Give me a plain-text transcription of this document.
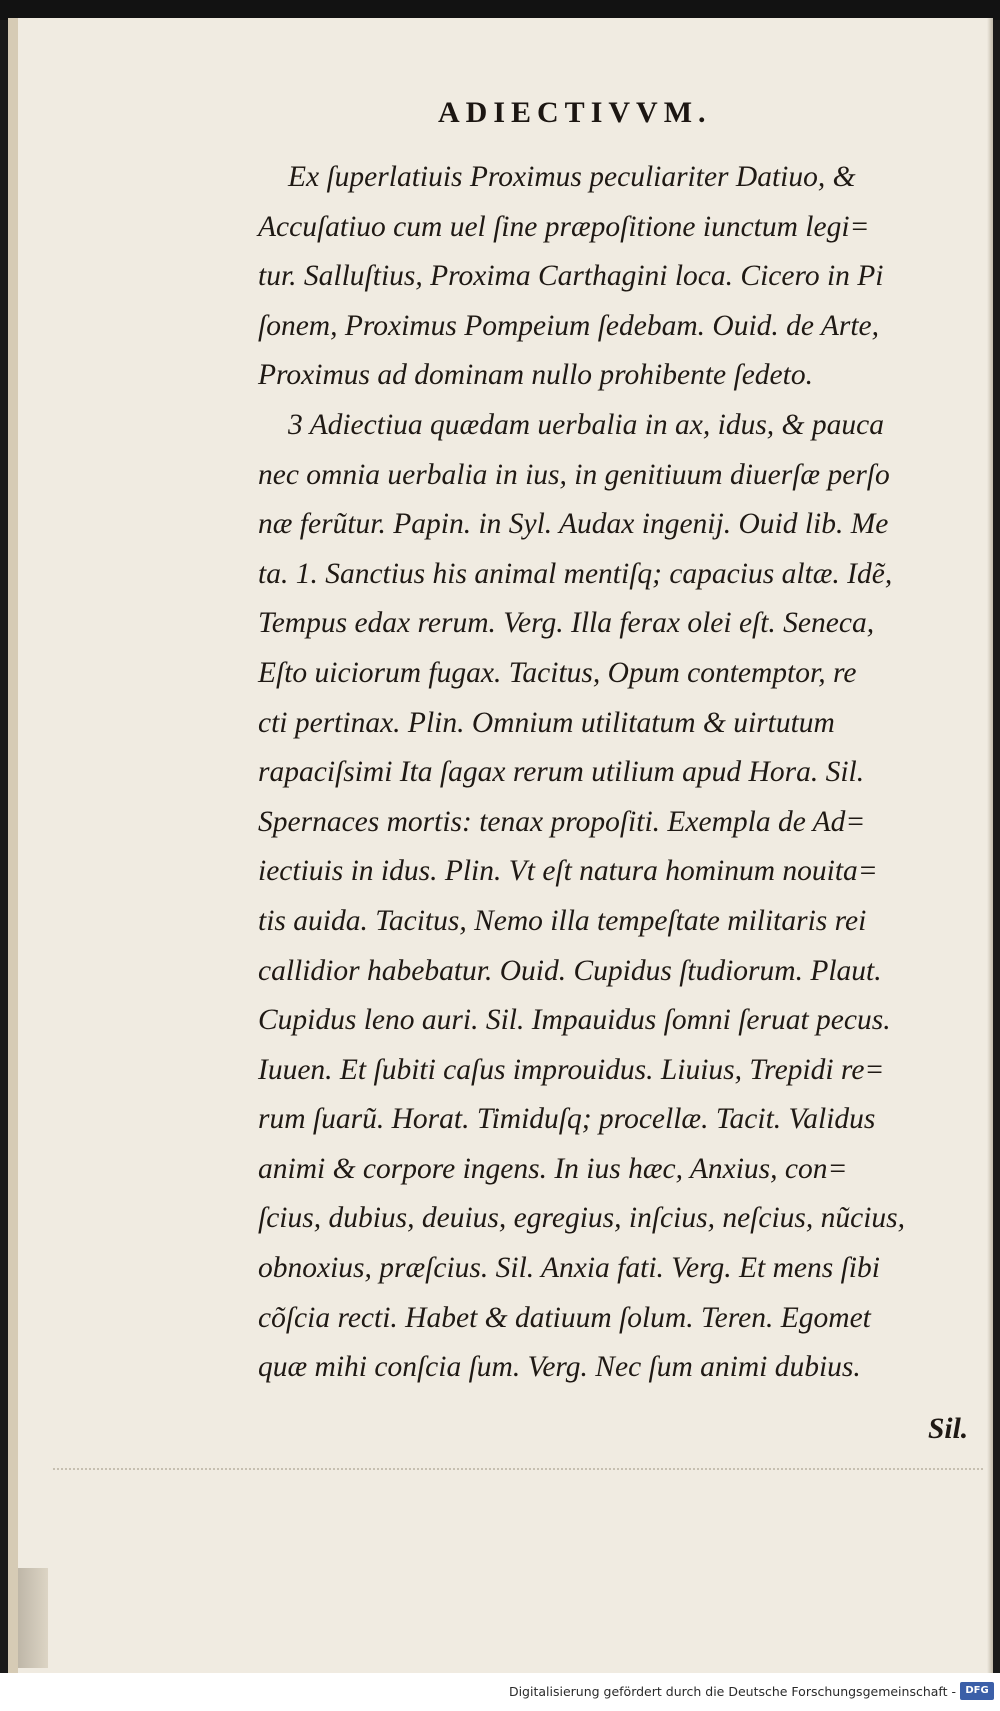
ADIECTIVVM.
Ex ſuperlatiuis Proximus peculiariter Datiuo, &
Accuſatiuo cum uel ſine præpoſitione iunctum legi=
tur. Salluſtius, Proxima Carthagini loca. Cicero in Pi
ſonem, Proximus Pompeium ſedebam. Ouid. de Arte,
Proximus ad dominam nullo prohibente ſedeto.
3 Adiectiua quædam uerbalia in ax, idus, & pauca
nec omnia uerbalia in ius, in genitiuum diuerſæ perſo
næ ferũtur. Papin. in Syl. Audax ingenij. Ouid lib. Me
ta. 1. Sanctius his animal mentiſq; capacius altæ. Idẽ,
Tempus edax rerum. Verg. Illa ferax olei eſt. Seneca,
Eſto uiciorum fugax. Tacitus, Opum contemptor, re
cti pertinax. Plin. Omnium utilitatum & uirtutum
rapaciſsimi Ita ſagax rerum utilium apud Hora. Sil.
Spernaces mortis: tenax propoſiti. Exempla de Ad=
iectiuis in idus. Plin. Vt eſt natura hominum nouita=
tis auida. Tacitus, Nemo illa tempeſtate militaris rei
callidior habebatur. Ouid. Cupidus ſtudiorum. Plaut.
Cupidus leno auri. Sil. Impauidus ſomni ſeruat pecus.
Iuuen. Et ſubiti caſus improuidus. Liuius, Trepidi re=
rum ſuarũ. Horat. Timiduſq; procellæ. Tacit. Validus
animi & corpore ingens. In ius hæc, Anxius, con=
ſcius, dubius, deuius, egregius, inſcius, neſcius, nũcius,
obnoxius, præſcius. Sil. Anxia fati. Verg. Et mens ſibi
cõſcia recti. Habet & datiuum ſolum. Teren. Egomet
quæ mihi conſcia ſum. Verg. Nec ſum animi dubius.
Sil.
Digitalisierung gefördert durch die Deutsche Forschungsgemeinschaft - DFG
